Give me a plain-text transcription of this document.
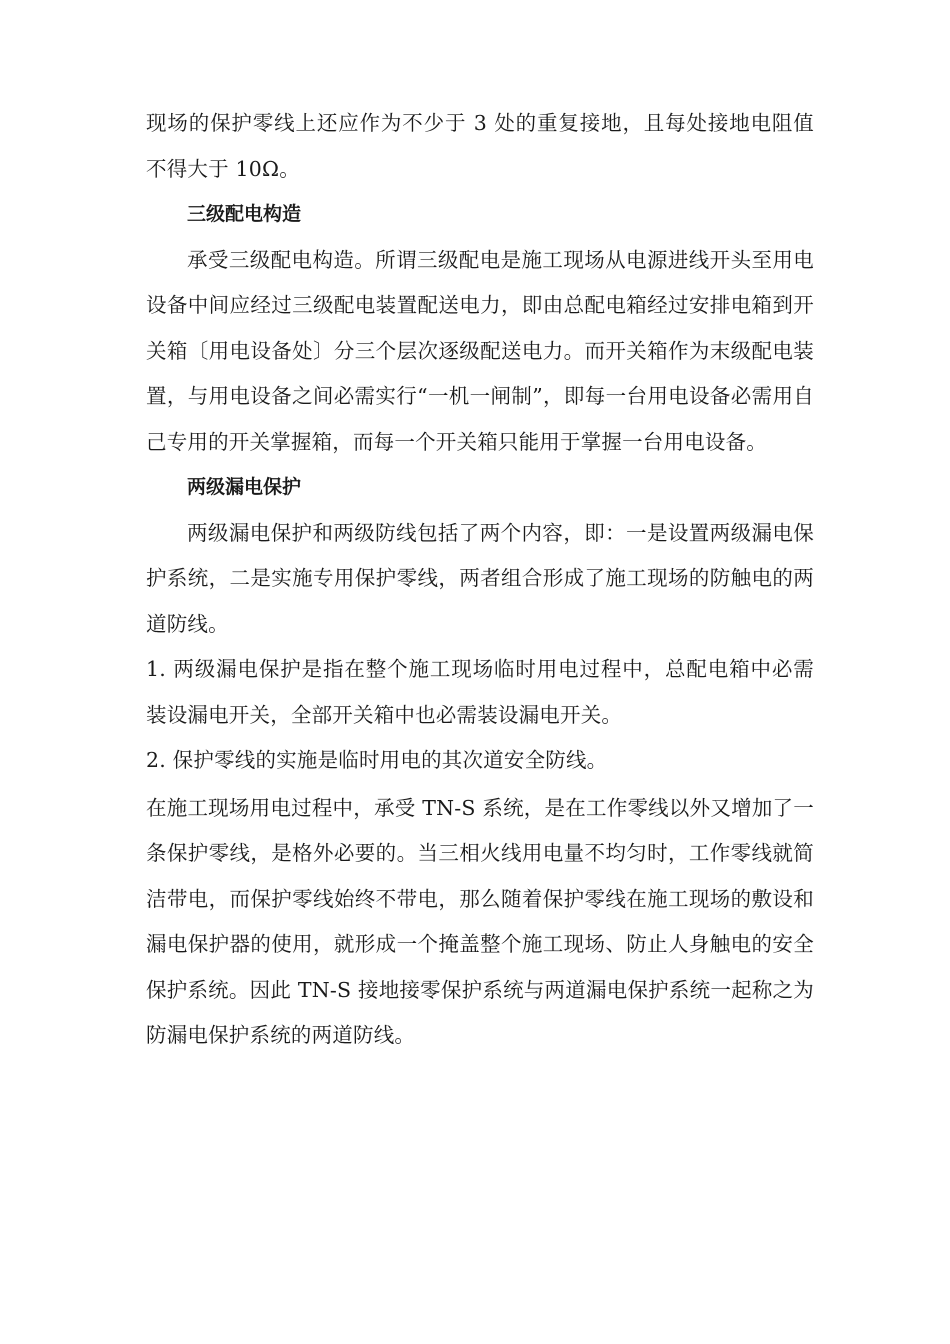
现场的保护零线上还应作为不少于 3 处的重复接地，且每处接地电阻值不得大于 10Ω。

三级配电构造

承受三级配电构造。所谓三级配电是施工现场从电源进线开头至用电设备中间应经过三级配电装置配送电力，即由总配电箱经过安排电箱到开关箱〔用电设备处〕分三个层次逐级配送电力。而开关箱作为末级配电装置，与用电设备之间必需实行“一机一闸制”，即每一台用电设备必需用自己专用的开关掌握箱，而每一个开关箱只能用于掌握一台用电设备。

两级漏电保护

两级漏电保护和两级防线包括了两个内容，即：一是设置两级漏电保护系统，二是实施专用保护零线，两者组合形成了施工现场的防触电的两道防线。

1. 两级漏电保护是指在整个施工现场临时用电过程中，总配电箱中必需装设漏电开关，全部开关箱中也必需装设漏电开关。

2. 保护零线的实施是临时用电的其次道安全防线。

在施工现场用电过程中，承受 TN-S 系统，是在工作零线以外又增加了一条保护零线，是格外必要的。当三相火线用电量不均匀时，工作零线就简洁带电，而保护零线始终不带电，那么随着保护零线在施工现场的敷设和漏电保护器的使用，就形成一个掩盖整个施工现场、防止人身触电的安全保护系统。因此 TN-S 接地接零保护系统与两道漏电保护系统一起称之为防漏电保护系统的两道防线。
